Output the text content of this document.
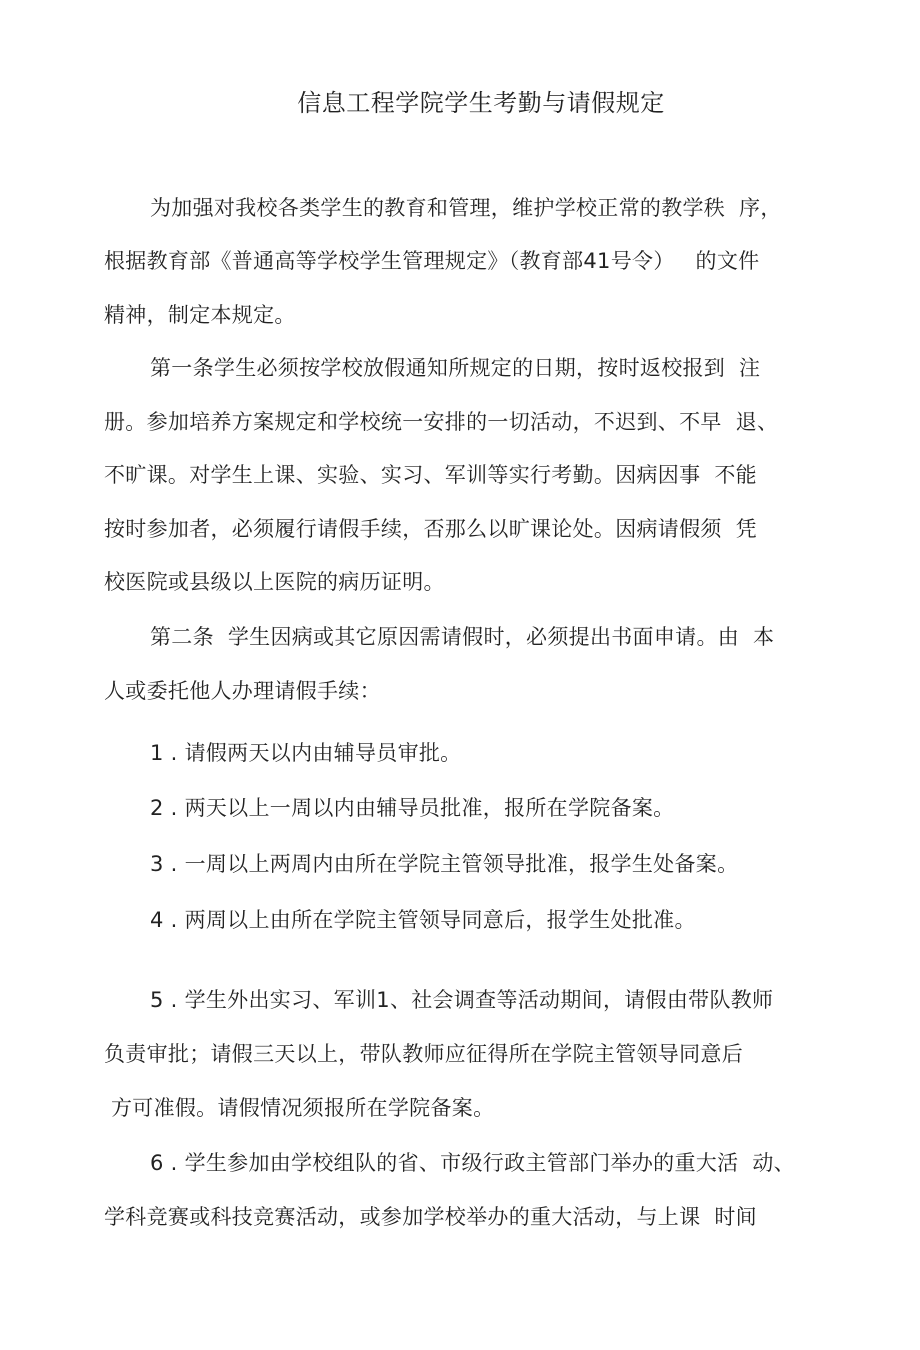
信息工程学院学生考勤与请假规定
为加强对我校各类学生的教育和管理，维护学校正常的教学秩  序，
根据教育部《普通高等学校学生管理规定》（教育部41号令）   的文件
精神，制定本规定。
第一条学生必须按学校放假通知所规定的日期，按时返校报到  注
册。参加培养方案规定和学校统一安排的一切活动，不迟到、不早  退、
不旷课。对学生上课、实验、实习、军训等实行考勤。因病因事  不能
按时参加者，必须履行请假手续，否那么以旷课论处。因病请假须  凭
校医院或县级以上医院的病历证明。
第二条  学生因病或其它原因需请假时，必须提出书面申请。由  本
人或委托他人办理请假手续：
1 . 请假两天以内由辅导员审批。
2 . 两天以上一周以内由辅导员批准，报所在学院备案。
3 . 一周以上两周内由所在学院主管领导批准，报学生处备案。
4 . 两周以上由所在学院主管领导同意后，报学生处批准。
5 . 学生外出实习、军训1、社会调查等活动期间，请假由带队教师
负责审批；请假三天以上，带队教师应征得所在学院主管领导同意后
方可准假。请假情况须报所在学院备案。
6 . 学生参加由学校组队的省、市级行政主管部门举办的重大活  动、
学科竞赛或科技竞赛活动，或参加学校举办的重大活动，与上课  时间
